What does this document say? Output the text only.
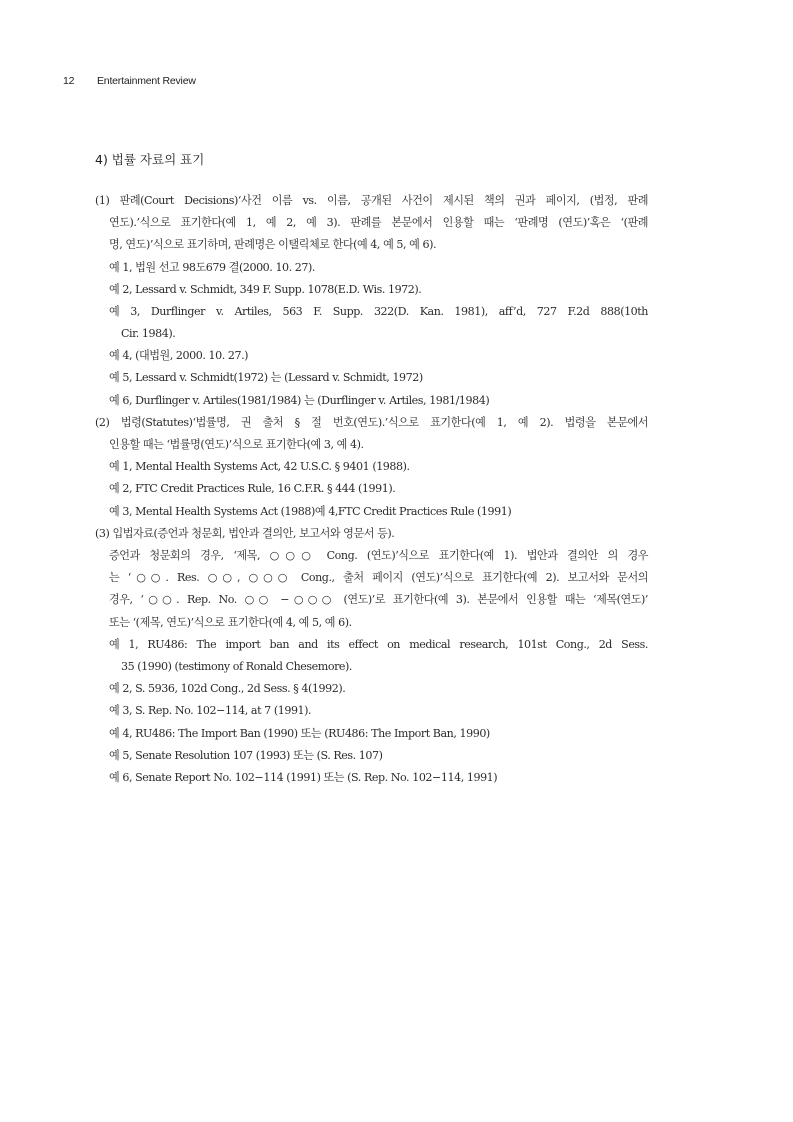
12 Entertainment Review
4) 법률 자료의 표기
(1) 판례(Court Decisions)‘사건 이름 vs. 이름, 공개된 사건이 제시된 책의 권과 페이지, (법정, 판례
연도).’식으로 표기한다(예 1, 예 2, 예 3). 판례를 본문에서 인용할 때는 ‘판례명 (연도)’혹은 ‘(판례
명, 연도)’식으로 표기하며, 판례명은 이탤릭체로 한다(예 4, 예 5, 예 6).
예 1, 법원 선고 98도679 결(2000. 10. 27).
예 2, Lessard v. Schmidt, 349 F. Supp. 1078(E.D. Wis. 1972).
예 3, Durflinger v. Artiles, 563 F. Supp. 322(D. Kan. 1981), aff’d, 727 F.2d 888(10th
Cir. 1984).
예 4, (대법원, 2000. 10. 27.)
예 5, Lessard v. Schmidt(1972) 는 (Lessard v. Schmidt, 1972)
예 6, Durflinger v. Artiles(1981/1984) 는 (Durflinger v. Artiles, 1981/1984)
(2) 법령(Statutes)‘법률명, 권 출처 § 절 번호(연도).’식으로 표기한다(예 1, 예 2). 법령을 본문에서
인용할 때는 ‘법률명(연도)’식으로 표기한다(예 3, 예 4).
예 1, Mental Health Systems Act, 42 U.S.C. § 9401 (1988).
예 2, FTC Credit Practices Rule, 16 C.F.R. § 444 (1991).
예 3, Mental Health Systems Act (1988)예 4,FTC Credit Practices Rule (1991)
(3) 입법자료(증언과 청문회, 법안과 결의안, 보고서와 영문서 등).
증언과 청문회의 경우, ‘제목, ○○○ Cong. (연도)’식으로 표기한다(예 1). 법안과 결의안 의 경우
는 ‘○○. Res. ○○, ○○○ Cong., 출처 페이지 (연도)’식으로 표기한다(예 2). 보고서와 문서의
경우, ‘○○. Rep. No. ○○ −○○○ (연도)’로 표기한다(예 3). 본문에서 인용할 때는 ‘제목(연도)’
또는 ‘(제목, 연도)’식으로 표기한다(예 4, 예 5, 예 6).
예 1, RU486: The import ban and its effect on medical research, 101st Cong., 2d Sess.
35 (1990) (testimony of Ronald Chesemore).
예 2, S. 5936, 102d Cong., 2d Sess. § 4(1992).
예 3, S. Rep. No. 102−114, at 7 (1991).
예 4, RU486: The Import Ban (1990) 또는 (RU486: The Import Ban, 1990)
예 5, Senate Resolution 107 (1993) 또는 (S. Res. 107)
예 6, Senate Report No. 102−114 (1991) 또는 (S. Rep. No. 102−114, 1991)
